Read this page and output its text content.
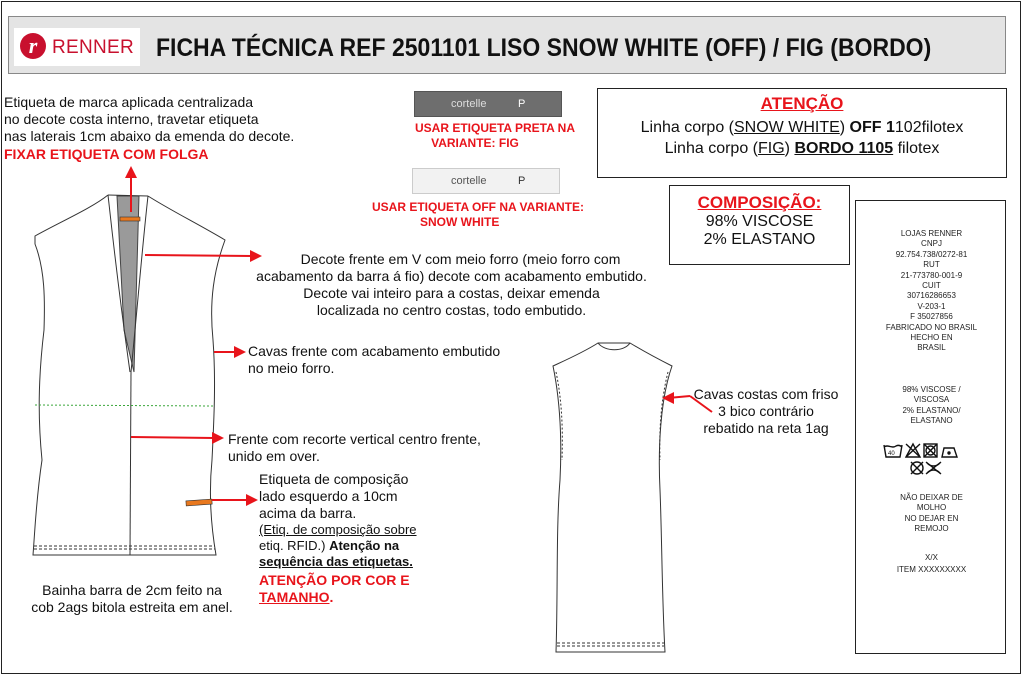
r RENNER FICHA TÉCNICA REF 2501101 LISO SNOW WHITE (OFF) / FIG (BORDO)
Etiqueta de marca aplicada centralizada
no decote costa interno, travetar etiqueta
nas laterais 1cm abaixo da emenda do decote.
FIXAR ETIQUETA COM FOLGA
cortelle	P
USAR ETIQUETA PRETA NA
VARIANTE: FIG
cortelle	P
USAR ETIQUETA OFF NA VARIANTE:
SNOW WHITE
ATENÇÃO
Linha corpo (SNOW WHITE) OFF 1102filotex
Linha corpo (FIG) BORDO 1105 filotex
COMPOSIÇÃO:
98% VISCOSE
2% ELASTANO
Decote frente em V com meio forro (meio forro com
acabamento da barra á fio) decote com acabamento embutido.
Decote vai inteiro para a costas, deixar emenda
localizada no centro costas, todo embutido.
Cavas frente com acabamento embutido
no meio forro.
Frente com recorte vertical centro frente,
unido em over.
Etiqueta de composição
lado esquerdo a 10cm
acima da barra.
(Etiq. de composição sobre
etiq. RFID.) Atenção na
sequência das etiquetas.
ATENÇÃO POR COR E
TAMANHO.
Bainha barra de 2cm feito na
cob 2ags bitola estreita em anel.
Cavas costas com friso
3 bico contrário
rebatido na reta 1ag
LOJAS RENNER
CNPJ
92.754.738/0272-81
RUT
21-773780-001-9
CUIT
30716286653
V-203-1
F 35027856
FABRICADO NO BRASIL
HECHO EN
BRASIL
98% VISCOSE /
VISCOSA
2% ELASTANO/
ELASTANO
40
NÃO DEIXAR DE
MOLHO
NO DEJAR EN
REMOJO
X/X
ITEM XXXXXXXXX
